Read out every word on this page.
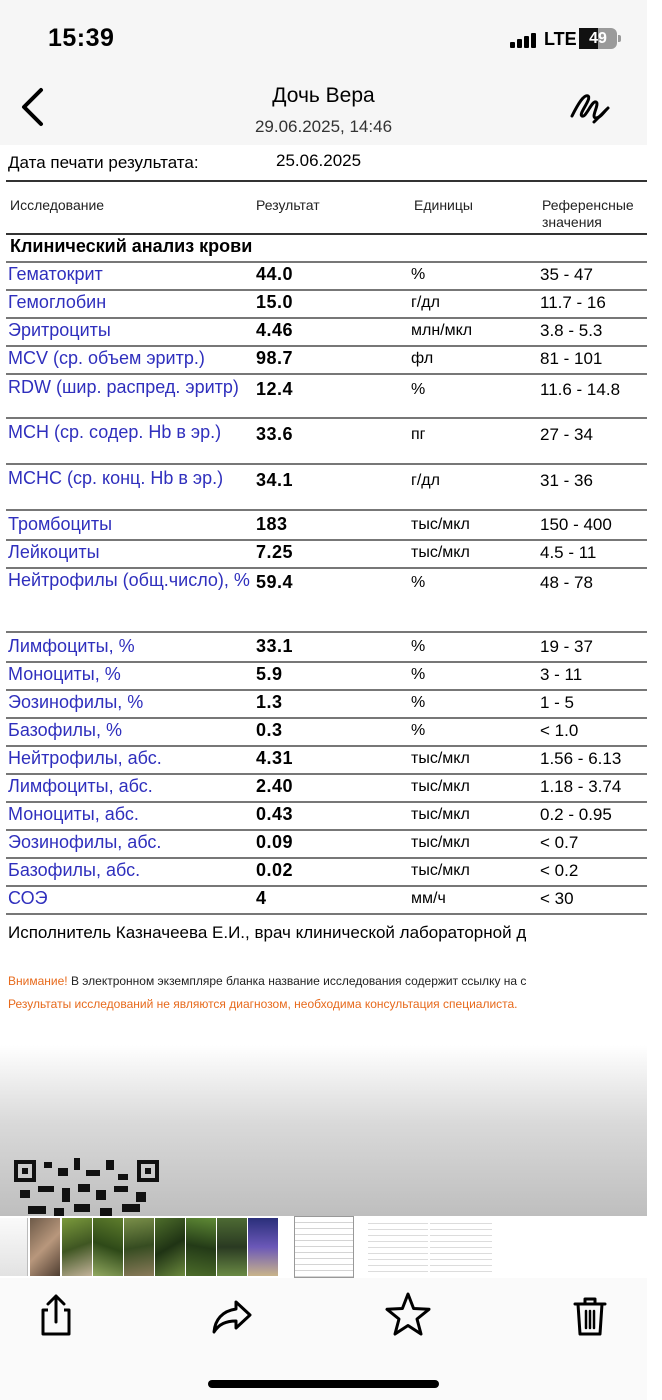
15:39	LTE 49
Дочь Вера
29.06.2025, 14:46
Дата печати результата:	25.06.2025
Исследование	Результат	Единицы	Референсные значения
Клинический анализ крови
Гематокрит	44.0	%	35 - 47
Гемоглобин	15.0	г/дл	11.7 - 16
Эритроциты	4.46	млн/мкл	3.8 - 5.3
MCV (ср. объем эритр.)	98.7	фл	81 - 101
RDW (шир. распред. эритр) 12.4	%	11.6 - 14.8
MCH (ср. содер. Hb в эр.)	33.6	пг	27 - 34
MCHC (ср. конц. Hb в эр.)	34.1	г/дл	31 - 36
Тромбоциты	183	тыс/мкл	150 - 400
Лейкоциты	7.25	тыс/мкл	4.5 - 11
Нейтрофилы (общ.число), % 59.4	%	48 - 78
Лимфоциты, %	33.1	%	19 - 37
Моноциты, %	5.9	%	3 - 11
Эозинофилы, %	1.3	%	1 - 5
Базофилы, %	0.3	%	< 1.0
Нейтрофилы, абс.	4.31	тыс/мкл	1.56 - 6.13
Лимфоциты, абс.	2.40	тыс/мкл	1.18 - 3.74
Моноциты, абс.	0.43	тыс/мкл	0.2 - 0.95
Эозинофилы, абс.	0.09	тыс/мкл	< 0.7
Базофилы, абс.	0.02	тыс/мкл	< 0.2
СОЭ	4	мм/ч	< 30
Исполнитель Казначеева Е.И., врач клинической лабораторной д
Внимание! В электронном экземпляре бланка название исследования содержит ссылку на с
Результаты исследований не являются диагнозом, необходима консультация специалиста.
